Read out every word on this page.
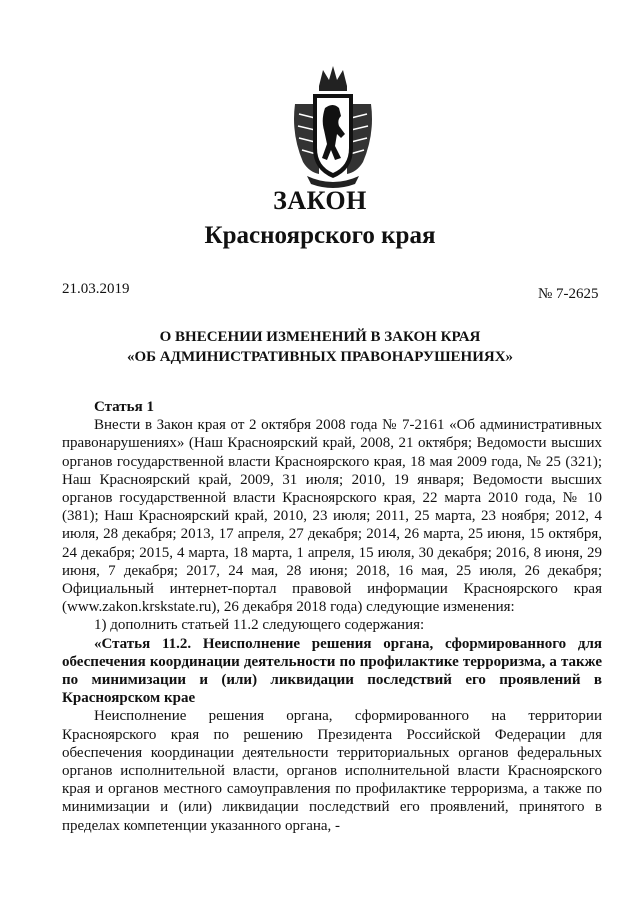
ЗАКОН
Красноярского края
21.03.2019	№ 7-2625
О ВНЕСЕНИИ ИЗМЕНЕНИЙ В ЗАКОН КРАЯ
«ОБ АДМИНИСТРАТИВНЫХ ПРАВОНАРУШЕНИЯХ»

Статья 1

Внести в Закон края от 2 октября 2008 года № 7-2161 «Об административных правонарушениях» (Наш Красноярский край, 2008, 21 октября; Ведомости высших органов государственной власти Красноярского края, 18 мая 2009 года, № 25 (321); Наш Красноярский край, 2009, 31 июля; 2010, 19 января; Ведомости высших органов государственной власти Красноярского края, 22 марта 2010 года, № 10 (381); Наш Красноярский край, 2010, 23 июля; 2011, 25 марта, 23 ноября; 2012, 4 июля, 28 декабря; 2013, 17 апреля, 27 декабря; 2014, 26 марта, 25 июня, 15 октября, 24 декабря; 2015, 4 марта, 18 марта, 1 апреля, 15 июля, 30 декабря; 2016, 8 июня, 29 июня, 7 декабря; 2017, 24 мая, 28 июня; 2018, 16 мая, 25 июля, 26 декабря; Официальный интернет-портал правовой информации Красноярского края (www.zakon.krskstate.ru), 26 декабря 2018 года) следующие изменения:

1) дополнить статьей 11.2 следующего содержания:

«Статья 11.2. Неисполнение решения органа, сформированного для обеспечения координации деятельности по профилактике терроризма, а также по минимизации и (или) ликвидации последствий его проявлений в Красноярском крае

Неисполнение решения органа, сформированного на территории Красноярского края по решению Президента Российской Федерации для обеспечения координации деятельности территориальных органов федеральных органов исполнительной власти, органов исполнительной власти Красноярского края и органов местного самоуправления по профилактике терроризма, а также по минимизации и (или) ликвидации последствий его проявлений, принятого в пределах компетенции указанного органа, -
